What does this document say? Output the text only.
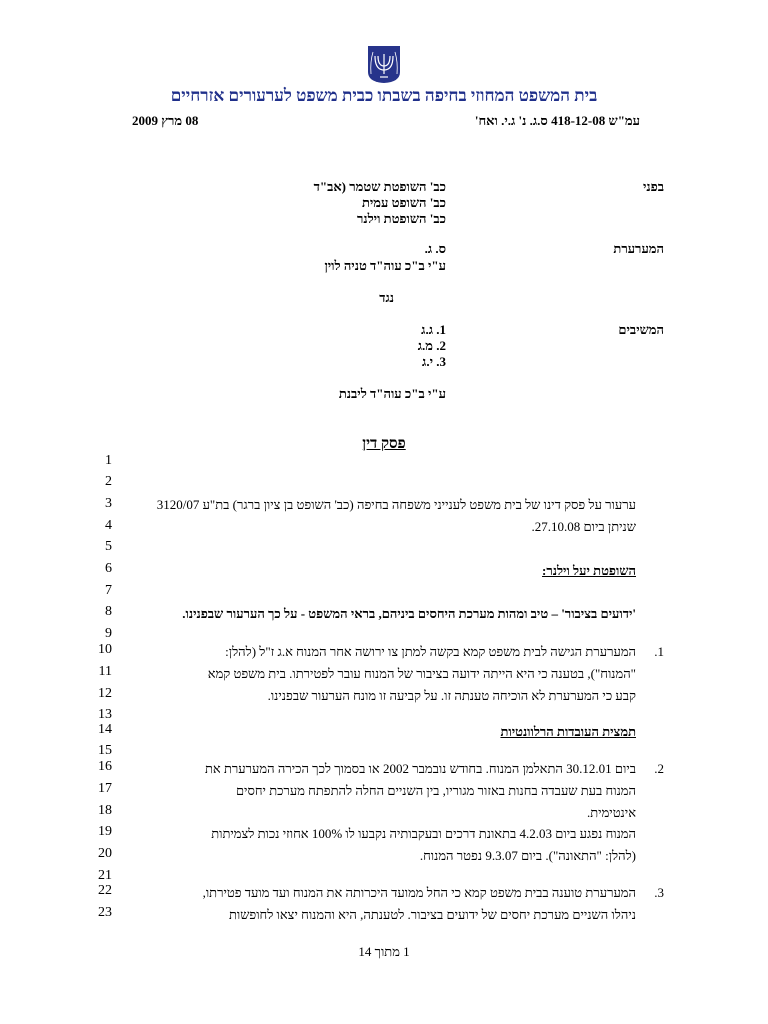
בית המשפט המחוזי בחיפה בשבתו כבית משפט לערעורים אזרחיים
עמ"ש 418-12-08 ס.ג. נ' ג.י. ואח'
08 מרץ 2009
בפני
כב' השופטת שטמר (אב"ד
כב' השופט עמית
כב' השופטת וילנר
המערערת
ס. ג.
ע"י ב"כ עוה"ד טניה לוין
נגד
המשיבים
1. ג.ג
2. מ.ג
3. י.ג
ע"י ב"כ עוה"ד ליבנת
פסק דין
1
2
3
4
5
6
7
8
9
10
11
12
13
14
15
16
17
18
19
20
21
22
23
ערעור על פסק דינו של בית משפט לענייני משפחה בחיפה (כב' השופט בן ציון ברגר) בת"ע 3120/07
שניתן ביום 27.10.08.
השופטת יעל וילנר:
'ידועים בציבור' – טיב ומהות מערכת היחסים ביניהם, בראי המשפט - על כך הערעור שבפנינו.
1.
המערערת הגישה לבית משפט קמא בקשה למתן צו ירושה אחר המנוח א.ג ז"ל (להלן:
"המנוח"), בטענה כי היא הייתה ידועה בציבור של המנוח עובר לפטירתו. בית משפט קמא
קבע כי המערערת לא הוכיחה טענתה זו. על קביעה זו מונח הערעור שבפנינו.
תמצית העובדות הרלוונטיות
2.
ביום 30.12.01 התאלמן המנוח. בחודש נובמבר 2002 או בסמוך לכך הכירה המערערת את
המנוח בעת שעבדה בחנות באזור מגוריו, בין השניים החלה להתפתח מערכת יחסים
אינטימית.
המנוח נפגע ביום 4.2.03 בתאונת דרכים ובעקבותיה נקבעו לו 100% אחוזי נכות לצמיתות
(להלן: "התאונה"). ביום 9.3.07 נפטר המנוח.
3.
המערערת טוענה בבית משפט קמא כי החל ממועד היכרותה את המנוח ועד מועד פטירתו,
ניהלו השניים מערכת יחסים של ידועים בציבור. לטענתה, היא והמנוח יצאו לחופשות
1 מתוך 14
